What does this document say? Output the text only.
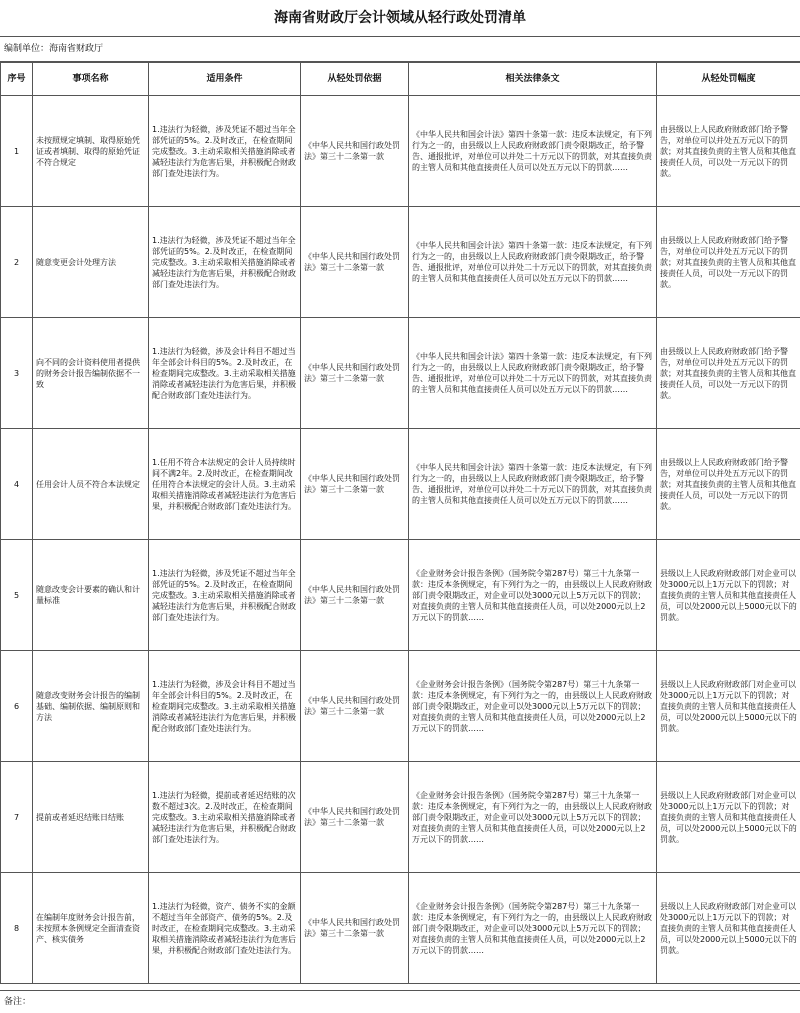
海南省财政厅会计领域从轻行政处罚清单
编制单位：海南省财政厅
序号	事项名称	适用条件	从轻处罚依据	相关法律条文	从轻处罚幅度
1	未按照规定填制、取得原始凭证或者填制、取得的原始凭证不符合规定	1.违法行为轻微，涉及凭证不超过当年全部凭证的5%。2.及时改正，在检查期间完成整改。3.主动采取相关措施消除或者减轻违法行为危害后果，并积极配合财政部门查处违法行为。	《中华人民共和国行政处罚法》第三十二条第一款	《中华人民共和国会计法》第四十条第一款：违反本法规定，有下列行为之一的，由县级以上人民政府财政部门责令限期改正，给予警告、通报批评，对单位可以并处二十万元以下的罚款，对其直接负责的主管人员和其他直接责任人员可以处五万元以下的罚款……	由县级以上人民政府财政部门给予警告，对单位可以并处五万元以下的罚款；对其直接负责的主管人员和其他直接责任人员，可以处一万元以下的罚款。
2	随意变更会计处理方法	1.违法行为轻微，涉及凭证不超过当年全部凭证的5%。2.及时改正，在检查期间完成整改。3.主动采取相关措施消除或者减轻违法行为危害后果，并积极配合财政部门查处违法行为。	《中华人民共和国行政处罚法》第三十二条第一款	《中华人民共和国会计法》第四十条第一款：违反本法规定，有下列行为之一的，由县级以上人民政府财政部门责令限期改正，给予警告、通报批评，对单位可以并处二十万元以下的罚款，对其直接负责的主管人员和其他直接责任人员可以处五万元以下的罚款……	由县级以上人民政府财政部门给予警告，对单位可以并处五万元以下的罚款；对其直接负责的主管人员和其他直接责任人员，可以处一万元以下的罚款。
3	向不同的会计资料使用者提供的财务会计报告编制依据不一致	1.违法行为轻微，涉及会计科目不超过当年全部会计科目的5%。2.及时改正，在检查期间完成整改。3.主动采取相关措施消除或者减轻违法行为危害后果，并积极配合财政部门查处违法行为。	《中华人民共和国行政处罚法》第三十二条第一款	《中华人民共和国会计法》第四十条第一款：违反本法规定，有下列行为之一的，由县级以上人民政府财政部门责令限期改正，给予警告、通报批评，对单位可以并处二十万元以下的罚款，对其直接负责的主管人员和其他直接责任人员可以处五万元以下的罚款……	由县级以上人民政府财政部门给予警告，对单位可以并处五万元以下的罚款；对其直接负责的主管人员和其他直接责任人员，可以处一万元以下的罚款。
4	任用会计人员不符合本法规定	1.任用不符合本法规定的会计人员持续时间不满2年。2.及时改正，在检查期间改任用符合本法规定的会计人员。3.主动采取相关措施消除或者减轻违法行为危害后果，并积极配合财政部门查处违法行为。	《中华人民共和国行政处罚法》第三十二条第一款	《中华人民共和国会计法》第四十条第一款：违反本法规定，有下列行为之一的，由县级以上人民政府财政部门责令限期改正，给予警告、通报批评，对单位可以并处二十万元以下的罚款，对其直接负责的主管人员和其他直接责任人员可以处五万元以下的罚款……	由县级以上人民政府财政部门给予警告，对单位可以并处五万元以下的罚款；对其直接负责的主管人员和其他直接责任人员，可以处一万元以下的罚款。
5	随意改变会计要素的确认和计量标准	1.违法行为轻微，涉及凭证不超过当年全部凭证的5%。2.及时改正，在检查期间完成整改。3.主动采取相关措施消除或者减轻违法行为危害后果，并积极配合财政部门查处违法行为。	《中华人民共和国行政处罚法》第三十二条第一款	《企业财务会计报告条例》（国务院令第287号）第三十九条第一款：违反本条例规定，有下列行为之一的，由县级以上人民政府财政部门责令限期改正，对企业可以处3000元以上5万元以下的罚款；对直接负责的主管人员和其他直接责任人员，可以处2000元以上2万元以下的罚款……	县级以上人民政府财政部门对企业可以处3000元以上1万元以下的罚款；对直接负责的主管人员和其他直接责任人员，可以处2000元以上5000元以下的罚款。
6	随意改变财务会计报告的编制基础、编制依据、编制原则和方法	1.违法行为轻微，涉及会计科目不超过当年全部会计科目的5%。2.及时改正，在检查期间完成整改。3.主动采取相关措施消除或者减轻违法行为危害后果，并积极配合财政部门查处违法行为。	《中华人民共和国行政处罚法》第三十二条第一款	《企业财务会计报告条例》（国务院令第287号）第三十九条第一款：违反本条例规定，有下列行为之一的，由县级以上人民政府财政部门责令限期改正，对企业可以处3000元以上5万元以下的罚款；对直接负责的主管人员和其他直接责任人员，可以处2000元以上2万元以下的罚款……	县级以上人民政府财政部门对企业可以处3000元以上1万元以下的罚款；对直接负责的主管人员和其他直接责任人员，可以处2000元以上5000元以下的罚款。
7	提前或者延迟结账日结账	1.违法行为轻微，提前或者延迟结账的次数不超过3次。2.及时改正，在检查期间完成整改。3.主动采取相关措施消除或者减轻违法行为危害后果，并积极配合财政部门查处违法行为。	《中华人民共和国行政处罚法》第三十二条第一款	《企业财务会计报告条例》（国务院令第287号）第三十九条第一款：违反本条例规定，有下列行为之一的，由县级以上人民政府财政部门责令限期改正，对企业可以处3000元以上5万元以下的罚款；对直接负责的主管人员和其他直接责任人员，可以处2000元以上2万元以下的罚款……	县级以上人民政府财政部门对企业可以处3000元以上1万元以下的罚款；对直接负责的主管人员和其他直接责任人员，可以处2000元以上5000元以下的罚款。
8	在编制年度财务会计报告前，未按照本条例规定全面清查资产、核实债务	1.违法行为轻微，资产、债务不实的金额不超过当年全部资产、债务的5%。2.及时改正，在检查期间完成整改。3.主动采取相关措施消除或者减轻违法行为危害后果，并积极配合财政部门查处违法行为。	《中华人民共和国行政处罚法》第三十二条第一款	《企业财务会计报告条例》（国务院令第287号）第三十九条第一款：违反本条例规定，有下列行为之一的，由县级以上人民政府财政部门责令限期改正，对企业可以处3000元以上5万元以下的罚款；对直接负责的主管人员和其他直接责任人员，可以处2000元以上2万元以下的罚款……	县级以上人民政府财政部门对企业可以处3000元以上1万元以下的罚款；对直接负责的主管人员和其他直接责任人员，可以处2000元以上5000元以下的罚款。
备注：
